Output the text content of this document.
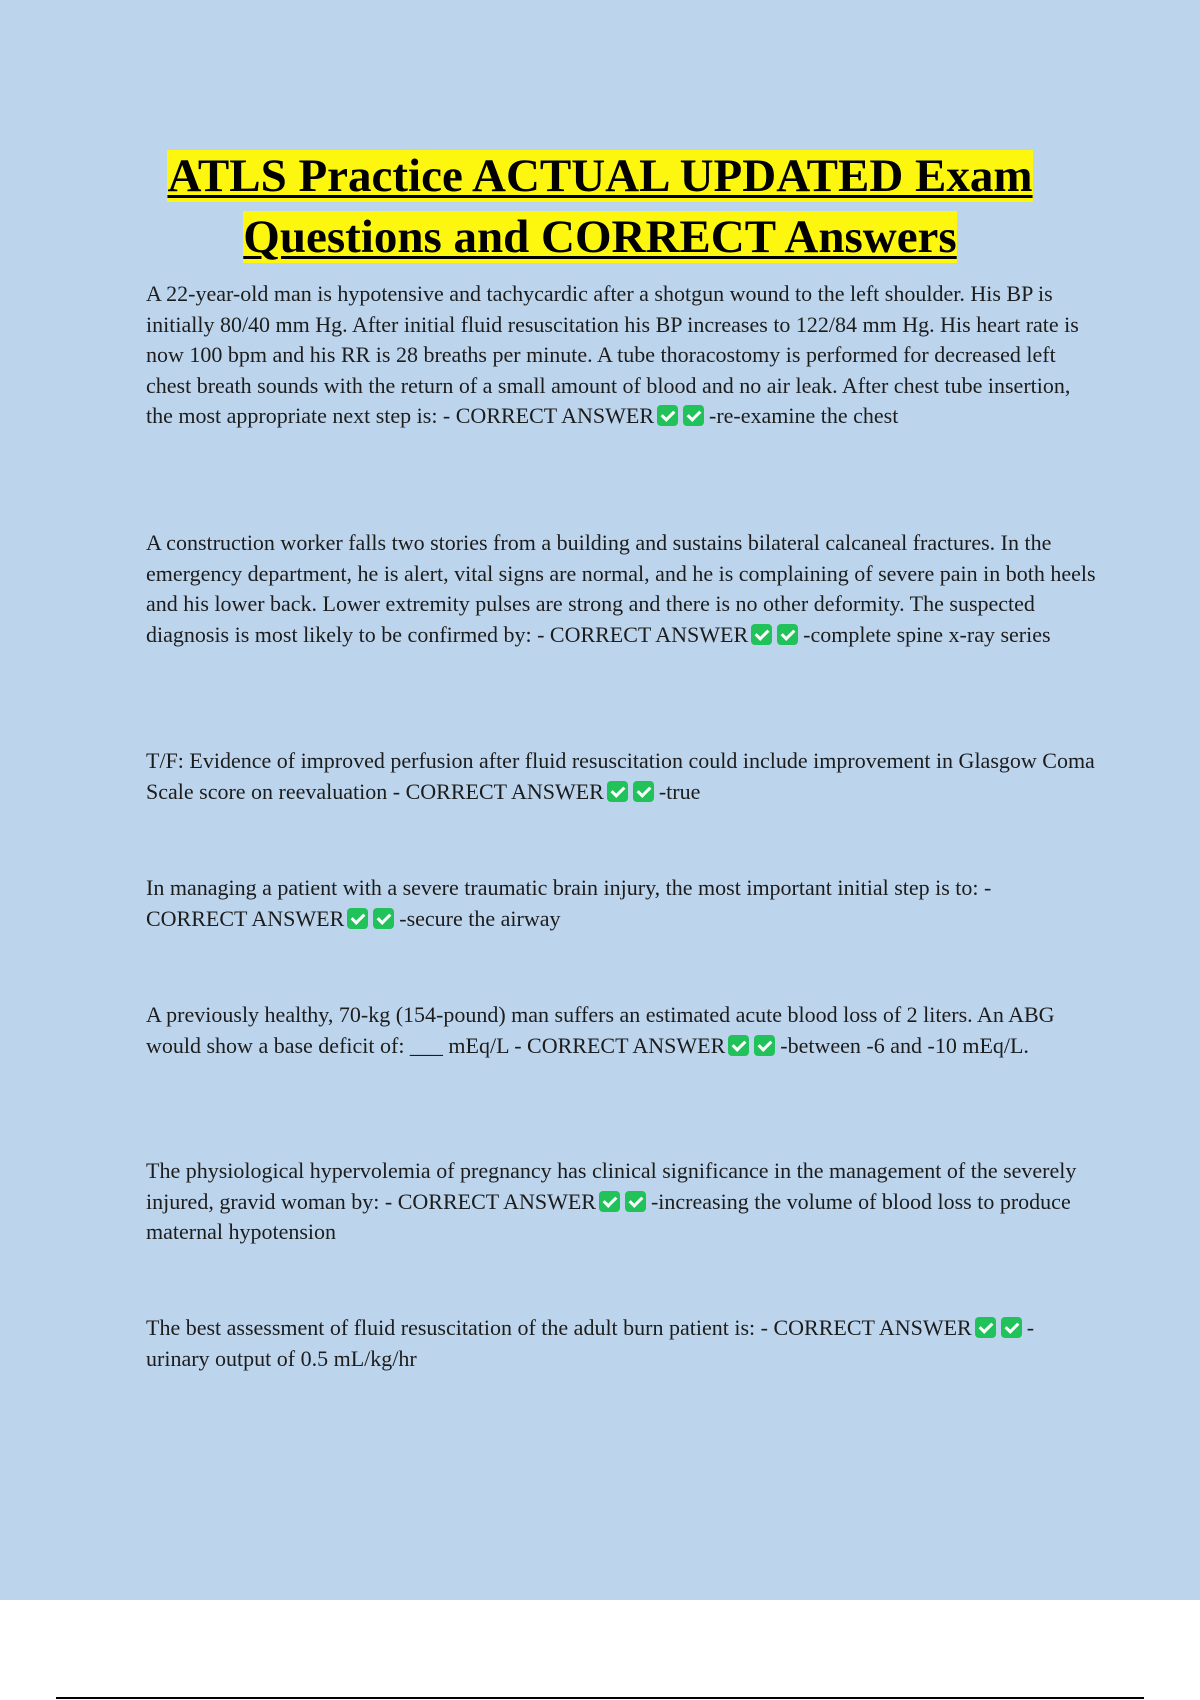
ATLS Practice ACTUAL UPDATED Exam
Questions and CORRECT Answers

A 22-year-old man is hypotensive and tachycardic after a shotgun wound to the left shoulder. His BP is initially 80/40 mm Hg. After initial fluid resuscitation his BP increases to 122/84 mm Hg. His heart rate is now 100 bpm and his RR is 28 breaths per minute. A tube thoracostomy is performed for decreased left chest breath sounds with the return of a small amount of blood and no air leak. After chest tube insertion, the most appropriate next step is: - CORRECT ANSWER	-re-examine the chest

A construction worker falls two stories from a building and sustains bilateral calcaneal fractures. In the emergency department, he is alert, vital signs are normal, and he is complaining of severe pain in both heels and his lower back. Lower extremity pulses are strong and there is no other deformity. The suspected diagnosis is most likely to be confirmed by: - CORRECT ANSWER	-complete spine x-ray series

T/F: Evidence of improved perfusion after fluid resuscitation could include improvement in Glasgow Coma Scale score on reevaluation - CORRECT ANSWER	-true

In managing a patient with a severe traumatic brain injury, the most important initial step is to: - CORRECT ANSWER	-secure the airway

A previously healthy, 70-kg (154-pound) man suffers an estimated acute blood loss of 2 liters. An ABG would show a base deficit of: ___ mEq/L - CORRECT ANSWER	-between -6 and -10 mEq/L.

The physiological hypervolemia of pregnancy has clinical significance in the management of the severely injured, gravid woman by: - CORRECT ANSWER	-increasing the volume of blood loss to produce maternal hypotension

The best assessment of fluid resuscitation of the adult burn patient is: - CORRECT ANSWER	-urinary output of 0.5 mL/kg/hr
